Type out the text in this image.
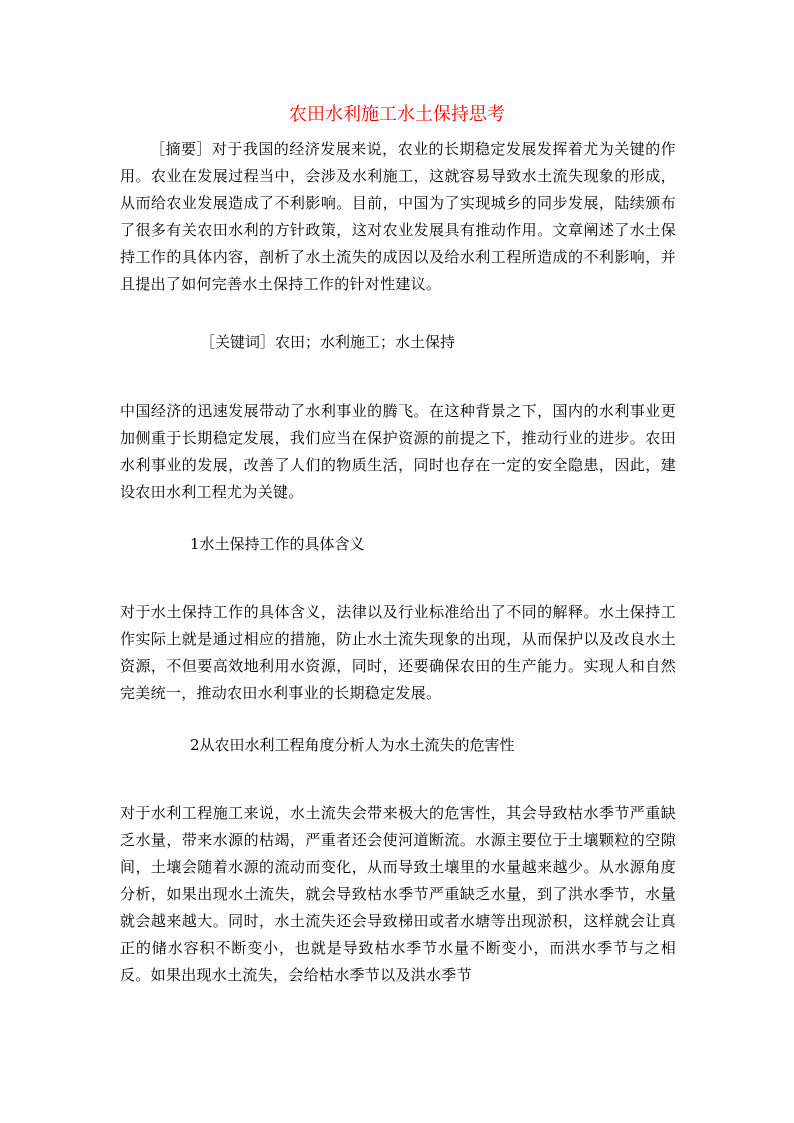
农田水利施工水土保持思考
［摘要］对于我国的经济发展来说，农业的长期稳定发展发挥着尤为关键的作用。农业在发展过程当中，会涉及水利施工，这就容易导致水土流失现象的形成，从而给农业发展造成了不利影响。目前，中国为了实现城乡的同步发展，陆续颁布了很多有关农田水利的方针政策，这对农业发展具有推动作用。文章阐述了水土保持工作的具体内容，剖析了水土流失的成因以及给水利工程所造成的不利影响，并且提出了如何完善水土保持工作的针对性建议。
［关键词］农田；水利施工；水土保持
中国经济的迅速发展带动了水利事业的腾飞。在这种背景之下，国内的水利事业更加侧重于长期稳定发展，我们应当在保护资源的前提之下，推动行业的进步。农田水利事业的发展，改善了人们的物质生活，同时也存在一定的安全隐患，因此，建设农田水利工程尤为关键。
1水土保持工作的具体含义
对于水土保持工作的具体含义，法律以及行业标准给出了不同的解释。水土保持工作实际上就是通过相应的措施，防止水土流失现象的出现，从而保护以及改良水土资源，不但要高效地利用水资源，同时，还要确保农田的生产能力。实现人和自然完美统一，推动农田水利事业的长期稳定发展。
2从农田水利工程角度分析人为水土流失的危害性
对于水利工程施工来说，水土流失会带来极大的危害性，其会导致枯水季节严重缺乏水量，带来水源的枯竭，严重者还会使河道断流。水源主要位于土壤颗粒的空隙间，土壤会随着水源的流动而变化，从而导致土壤里的水量越来越少。从水源角度分析，如果出现水土流失，就会导致枯水季节严重缺乏水量，到了洪水季节，水量就会越来越大。同时，水土流失还会导致梯田或者水塘等出现淤积，这样就会让真正的储水容积不断变小，也就是导致枯水季节水量不断变小，而洪水季节与之相反。如果出现水土流失，会给枯水季节以及洪水季节
